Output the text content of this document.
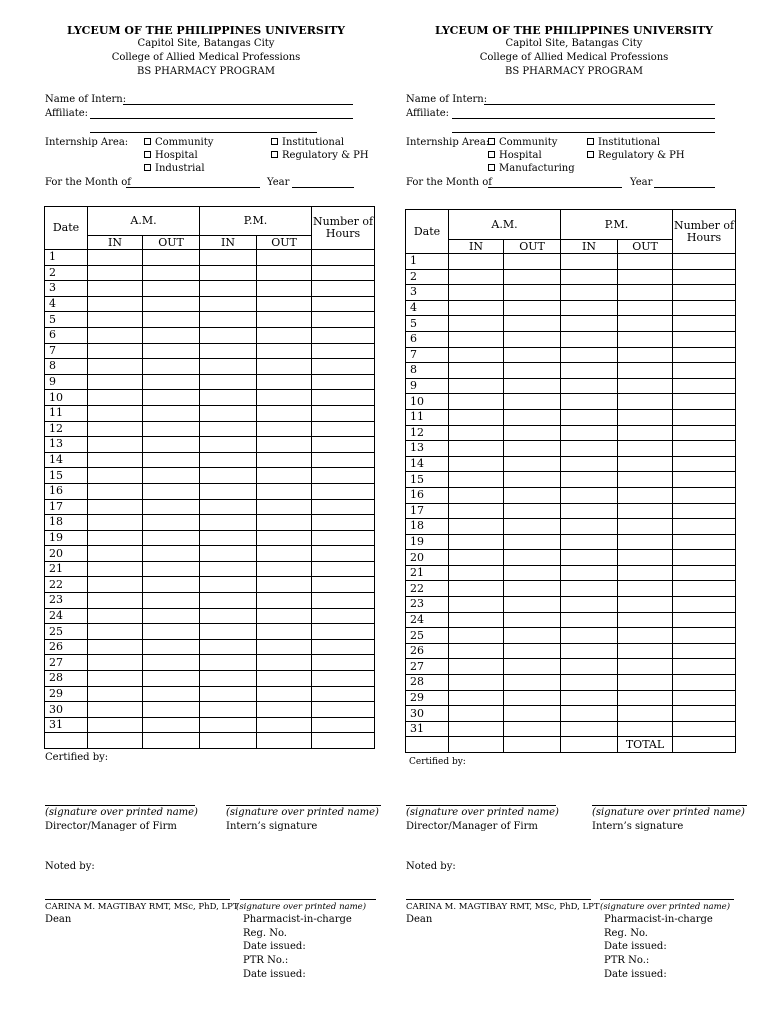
LYCEUM OF THE PHILIPPINES UNIVERSITY
Capitol Site, Batangas City
College of Allied Medical Professions
BS PHARMACY PROGRAM
Name of Intern:
Affiliate:
Internship Area:	Community
Hospital
Industrial
Institutional
Regulatory & PH
For the Month of	Year
Date	A.M.		P.M.		Number of Hours
	IN	OUT	IN	OUT	
1					
2					
3					
4					
5					
6					
7					
8					
9					
10					
11					
12					
13					
14					
15					
16					
17					
18					
19					
20					
21					
22					
23					
24					
25					
26					
27					
28					
29					
30					
31					

Certified by:
(signature over printed name)
Director/Manager of Firm
(signature over printed name)
Intern’s signature
Noted by:
CARINA M. MAGTIBAY RMT, MSc, PhD, LPT
Dean
(signature over printed name)
Pharmacist-in-charge
Reg. No.
Date issued:
PTR No.:
Date issued:
LYCEUM OF THE PHILIPPINES UNIVERSITY
Capitol Site, Batangas City
College of Allied Medical Professions
BS PHARMACY PROGRAM
Name of Intern:
Affiliate:
Internship Area: Community
Hospital
Manufacturing
Institutional
Regulatory & PH
For the Month of	Year
Date	A.M.		P.M.		Number of Hours
	IN	OUT	IN	OUT	
1					
2					
3					
4					
5					
6					
7					
8					
9					
10					
11					
12					
13					
14					
15					
16					
17					
18					
19					
20					
21					
22					
23					
24					
25					
26					
27					
28					
29					
30					
31					
				TOTAL	
Certified by:
(signature over printed name)
Director/Manager of Firm
(signature over printed name)
Intern’s signature
Noted by:
CARINA M. MAGTIBAY RMT, MSc, PhD, LPT
Dean
(signature over printed name)
Pharmacist-in-charge
Reg. No.
Date issued:
PTR No.:
Date issued:
